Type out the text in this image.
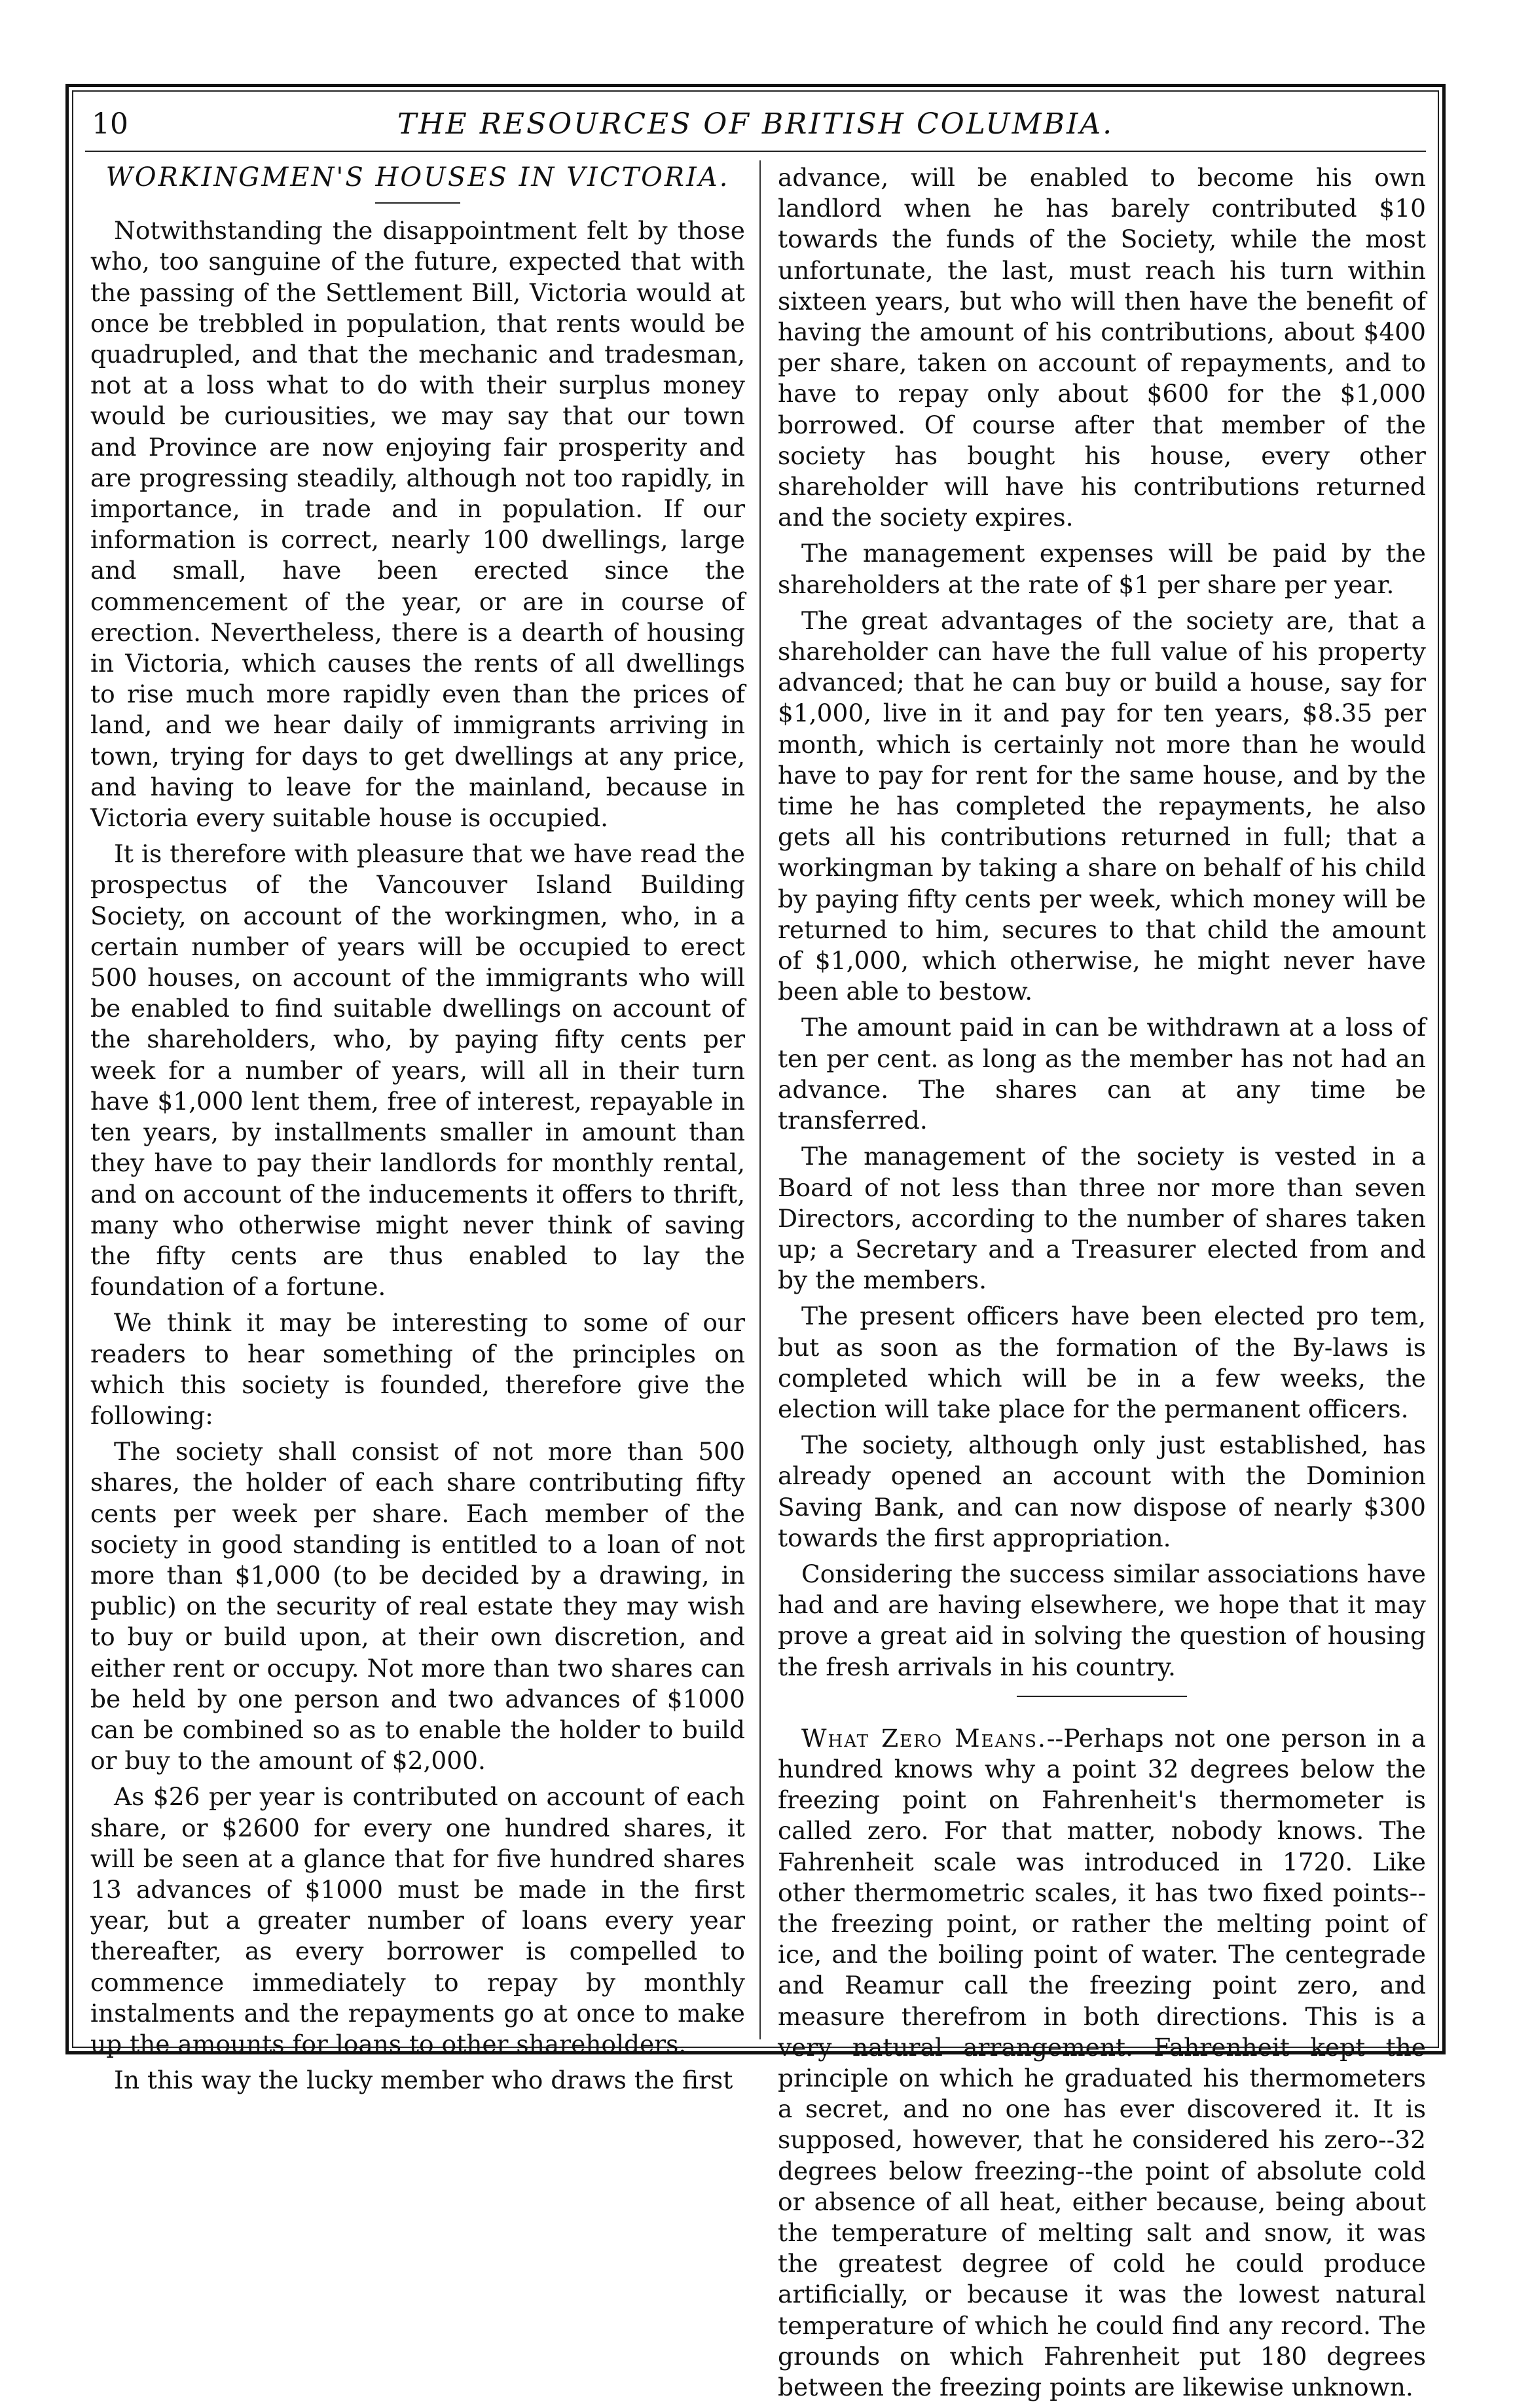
10	THE RESOURCES OF BRITISH COLUMBIA.
WORKINGMEN'S HOUSES IN VICTORIA.

Notwithstanding the disappointment felt by those who, too sanguine of the future, expected that with the passing of the Settlement Bill, Victoria would at once be trebbled in population, that rents would be quadrupled, and that the mechanic and tradesman, not at a loss what to do with their surplus money would be curiousities, we may say that our town and Province are now enjoying fair prosperity and are progressing steadily, although not too rapidly, in importance, in trade and in population. If our information is correct, nearly 100 dwellings, large and small, have been erected since the commencement of the year, or are in course of erection. Nevertheless, there is a dearth of housing in Victoria, which causes the rents of all dwellings to rise much more rapidly even than the prices of land, and we hear daily of immigrants arriving in town, trying for days to get dwellings at any price, and having to leave for the mainland, because in Victoria every suitable house is occupied.

It is therefore with pleasure that we have read the prospectus of the Vancouver Island Building Society, on account of the workingmen, who, in a certain number of years will be occupied to erect 500 houses, on account of the immigrants who will be enabled to find suitable dwellings on account of the shareholders, who, by paying fifty cents per week for a number of years, will all in their turn have $1,000 lent them, free of interest, repayable in ten years, by installments smaller in amount than they have to pay their landlords for monthly rental, and on account of the inducements it offers to thrift, many who otherwise might never think of saving the fifty cents are thus enabled to lay the foundation of a fortune.

We think it may be interesting to some of our readers to hear something of the principles on which this society is founded, therefore give the following:

The society shall consist of not more than 500 shares, the holder of each share contributing fifty cents per week per share. Each member of the society in good standing is entitled to a loan of not more than $1,000 (to be decided by a drawing, in public) on the security of real estate they may wish to buy or build upon, at their own discretion, and either rent or occupy. Not more than two shares can be held by one person and two advances of $1000 can be combined so as to enable the holder to build or buy to the amount of $2,000.

As $26 per year is contributed on account of each share, or $2600 for every one hundred shares, it will be seen at a glance that for five hundred shares 13 advances of $1000 must be made in the first year, but a greater number of loans every year thereafter, as every borrower is compelled to commence immediately to repay by monthly instalments and the repayments go at once to make up the amounts for loans to other shareholders.

In this way the lucky member who draws the first

advance, will be enabled to become his own landlord when he has barely contributed $10 towards the funds of the Society, while the most unfortunate, the last, must reach his turn within sixteen years, but who will then have the benefit of having the amount of his contributions, about $400 per share, taken on account of repayments, and to have to repay only about $600 for the $1,000 borrowed. Of course after that member of the society has bought his house, every other shareholder will have his contributions returned and the society expires.

The management expenses will be paid by the shareholders at the rate of $1 per share per year.

The great advantages of the society are, that a shareholder can have the full value of his property advanced; that he can buy or build a house, say for $1,000, live in it and pay for ten years, $8.35 per month, which is certainly not more than he would have to pay for rent for the same house, and by the time he has completed the repayments, he also gets all his contributions returned in full; that a workingman by taking a share on behalf of his child by paying fifty cents per week, which money will be returned to him, secures to that child the amount of $1,000, which otherwise, he might never have been able to bestow.

The amount paid in can be withdrawn at a loss of ten per cent. as long as the member has not had an advance. The shares can at any time be transferred.

The management of the society is vested in a Board of not less than three nor more than seven Directors, according to the number of shares taken up; a Secretary and a Treasurer elected from and by the members.

The present officers have been elected pro tem, but as soon as the formation of the By-laws is completed which will be in a few weeks, the election will take place for the permanent officers.

The society, although only just established, has already opened an account with the Dominion Saving Bank, and can now dispose of nearly $300 towards the first appropriation.

Considering the success similar associations have had and are having elsewhere, we hope that it may prove a great aid in solving the question of housing the fresh arrivals in his country.

What Zero Means.--Perhaps not one person in a hundred knows why a point 32 degrees below the freezing point on Fahrenheit's thermometer is called zero. For that matter, nobody knows. The Fahrenheit scale was introduced in 1720. Like other thermometric scales, it has two fixed points--the freezing point, or rather the melting point of ice, and the boiling point of water. The centegrade and Reamur call the freezing point zero, and measure therefrom in both directions. This is a very natural arrangement. Fahrenheit kept the principle on which he graduated his thermometers a secret, and no one has ever discovered it. It is supposed, however, that he considered his zero--32 degrees below freezing--the point of absolute cold or absence of all heat, either because, being about the temperature of melting salt and snow, it was the greatest degree of cold he could produce artificially, or because it was the lowest natural temperature of which he could find any record. The grounds on which Fahrenheit put 180 degrees between the freezing points are likewise unknown.
